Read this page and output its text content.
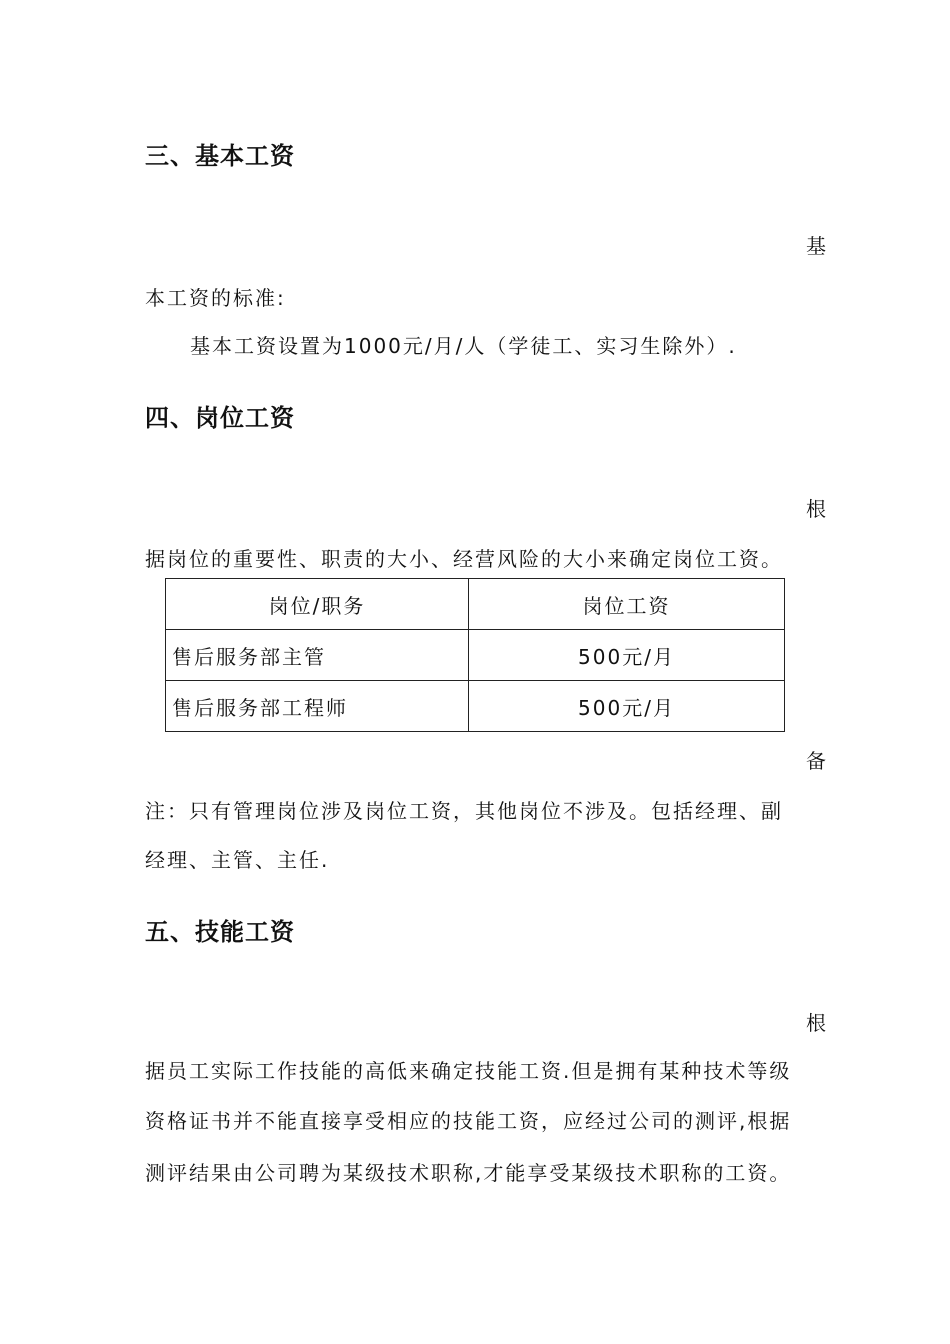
三、基本工资
基
本工资的标准:
基本工资设置为1000元/月/人（学徒工、实习生除外）.
四、岗位工资
根
据岗位的重要性、职责的大小、经营风险的大小来确定岗位工资。
岗位/职务	岗位工资
售后服务部主管	500元/月
售后服务部工程师	500元/月
备
注：只有管理岗位涉及岗位工资，其他岗位不涉及。包括经理、副
经理、主管、主任.
五、技能工资
根
据员工实际工作技能的高低来确定技能工资.但是拥有某种技术等级
资格证书并不能直接享受相应的技能工资，应经过公司的测评,根据
测评结果由公司聘为某级技术职称,才能享受某级技术职称的工资。
